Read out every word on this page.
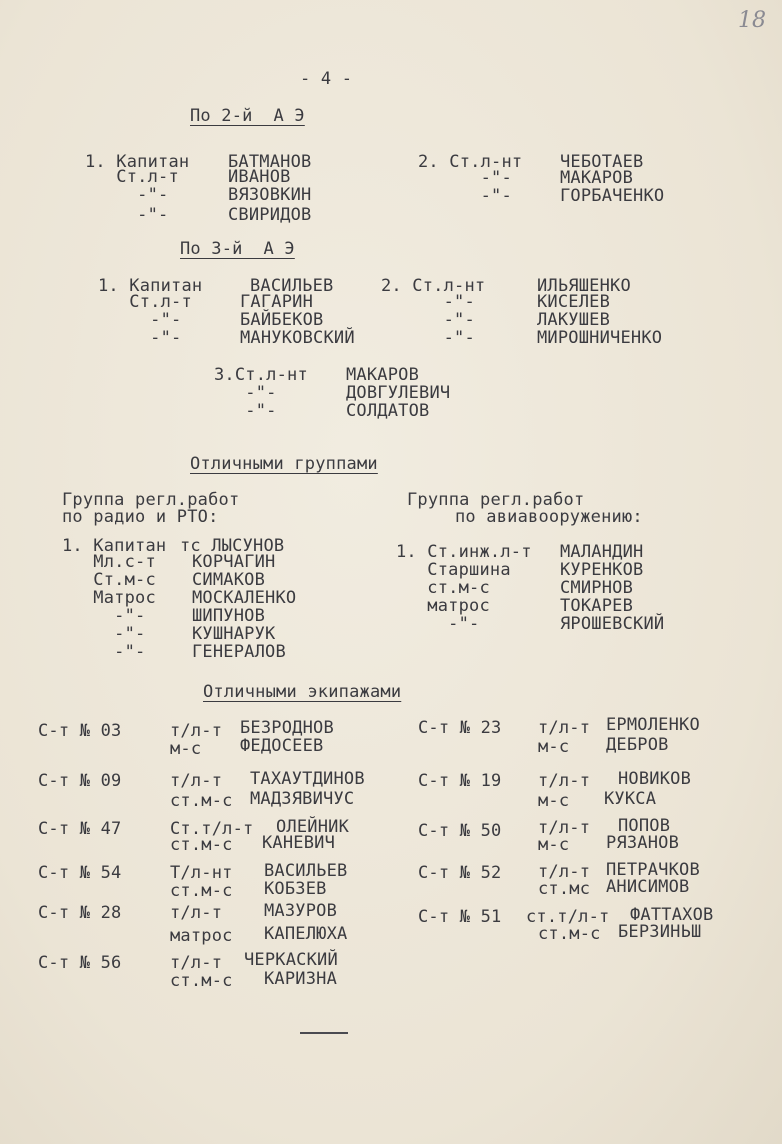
18
- 4 -
По 2-й  А Э
1. Капитан БАТМАНОВ
Ст.л-т	ИВАНОВ
-"-	ВЯЗОВКИН
-"-	СВИРИДОВ
2. Ст.л-нт ЧЕБОТАЕВ
-"-	МАКАРОВ
-"-	ГОРБАЧЕНКО
По 3-й  А Э
1. Капитан	ВАСИЛЬЕВ
Ст.л-т	ГАГАРИН
-"-	БАЙБЕКОВ
-"-	МАНУКОВСКИЙ
2. Ст.л-нт	ИЛЬЯШЕНКО
-"-	КИСЕЛЕВ
-"-	ЛАКУШЕВ
-"-	МИРОШНИЧЕНКО
3.Ст.л-нт МАКАРОВ
-"-	ДОВГУЛЕВИЧ
-"-	СОЛДАТОВ
Отличными группами
Группа регл.работ
по радио и РТО:
1. Капитан тс ЛЫСУНОВ
Мл.с-т КОРЧАГИН
Ст.м-с СИМАКОВ
Матрос МОСКАЛЕНКО
-"-	ШИПУНОВ
-"-	КУШНАРУК
-"-	ГЕНЕРАЛОВ
Группа регл.работ
по авиавооружению:
1. Ст.инж.л-т МАЛАНДИН
Старшина	КУРЕНКОВ
ст.м-с	СМИРНОВ
матрос	ТОКАРЕВ
-"-	ЯРОШЕВСКИЙ
Отличными экипажами
С-т № 03	т/л-т БЕЗРОДНОВ
м-с ФЕДОСЕЕВ
С-т № 09	т/л-т ТАХАУТДИНОВ
ст.м-с МАДЗЯВИЧУС
С-т № 47	Ст.т/л-т ОЛЕЙНИК
ст.м-с КАНЕВИЧ
С-т № 54	Т/л-нт ВАСИЛЬЕВ
ст.м-с КОБЗЕВ
С-т № 28	т/л-т МАЗУРОВ
матрос КАПЕЛЮХА
С-т № 56	т/л-т ЧЕРКАСКИЙ
ст.м-с КАРИЗНА
С-т № 23 т/л-т ЕРМОЛЕНКО
м-с ДЕБРОВ
С-т № 19 т/л-т НОВИКОВ
м-с КУКСА
С-т № 50 т/л-т ПОПОВ
м-с РЯЗАНОВ
С-т № 52 т/л-т ПЕТРАЧКОВ
ст.мс АНИСИМОВ
С-т № 51 ст.т/л-т ФАТТАХОВ
ст.м-с БЕРЗИНЬШ
